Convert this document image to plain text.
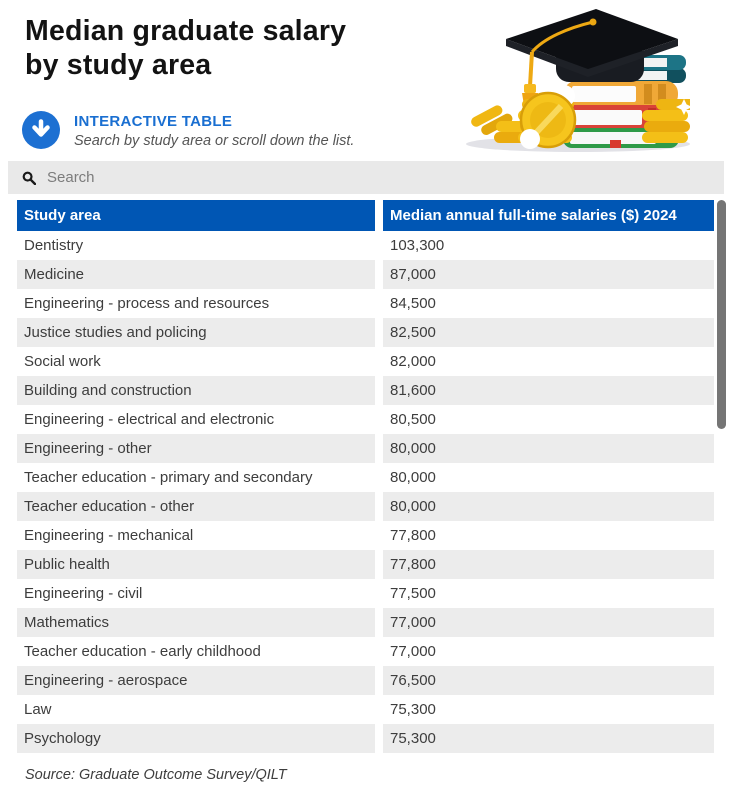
Median graduate salary
by study area
INTERACTIVE TABLE
Search by study area or scroll down the list.
Search
Study area	Median annual full-time salaries ($) 2024
Dentistry	103,300
Medicine	87,000
Engineering - process and resources	84,500
Justice studies and policing	82,500
Social work	82,000
Building and construction	81,600
Engineering - electrical and electronic	80,500
Engineering - other	80,000
Teacher education - primary and secondary	80,000
Teacher education - other	80,000
Engineering - mechanical	77,800
Public health	77,800
Engineering - civil	77,500
Mathematics	77,000
Teacher education - early childhood	77,000
Engineering - aerospace	76,500
Law	75,300
Psychology	75,300
Source: Graduate Outcome Survey/QILT
